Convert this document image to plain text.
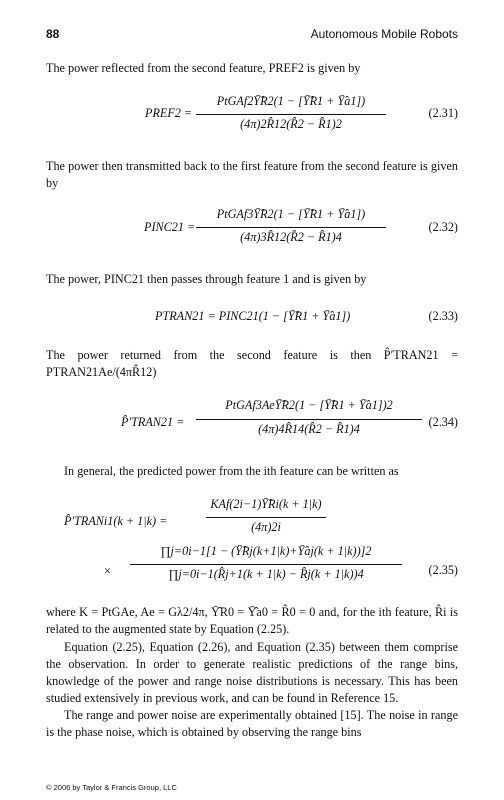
88	Autonomous Mobile Robots
The power reflected from the second feature, PREF2 is given by
PREF2 =
PtGAf2Ῡ̂R2(1 − [Ῡ̂R1 + Ῡ̂a1])
(4π)2R̂12(R̂2 − R̂1)2
(2.31)
The power then transmitted back to the first feature from the second feature is given by
PINC21 =
PtGAf3Ῡ̂R2(1 − [Ῡ̂R1 + Ῡ̂a1])
(4π)3R̂12(R̂2 − R̂1)4
(2.32)
The power, PINC21 then passes through feature 1 and is given by
PTRAN21 = PINC21(1 − [Ῡ̂R1 + Ῡ̂a1])	(2.33)
The power returned from the second feature is then P̂′TRAN21 = PTRAN21Ae/(4πR̂12)
P̂′TRAN21 =
PtGAf3AeῩ̂R2(1 − [Ῡ̂R1 + Ῡ̂a1])2
(4π)4R̂14(R̂2 − R̂1)4	(2.34)
In general, the predicted power from the ith feature can be written as
P̂′TRANi1(k + 1|k) =
KAf(2i−1)Ῡ̂Ri(k + 1|k)
(4π)2i
×
∏j=0i−1[1 − (Ῡ̂Rj(k+1|k)+Ῡ̂aj(k + 1|k))]2
∏j=0i−1(R̂j+1(k + 1|k) − R̂j(k + 1|k))4	(2.35)
where K = PtGAe, Ae = Gλ2/4π, Ῡ̂R0 = Ῡ̂a0 = R̂0 = 0 and, for the ith feature, R̂i is related to the augmented state by Equation (2.25).
Equation (2.25), Equation (2.26), and Equation (2.35) between them comprise the observation. In order to generate realistic predictions of the range bins, knowledge of the power and range noise distributions is necessary. This has been studied extensively in previous work, and can be found in Reference 15.
The range and power noise are experimentally obtained [15]. The noise in range is the phase noise, which is obtained by observing the range bins
© 2006 by Taylor & Francis Group, LLC
